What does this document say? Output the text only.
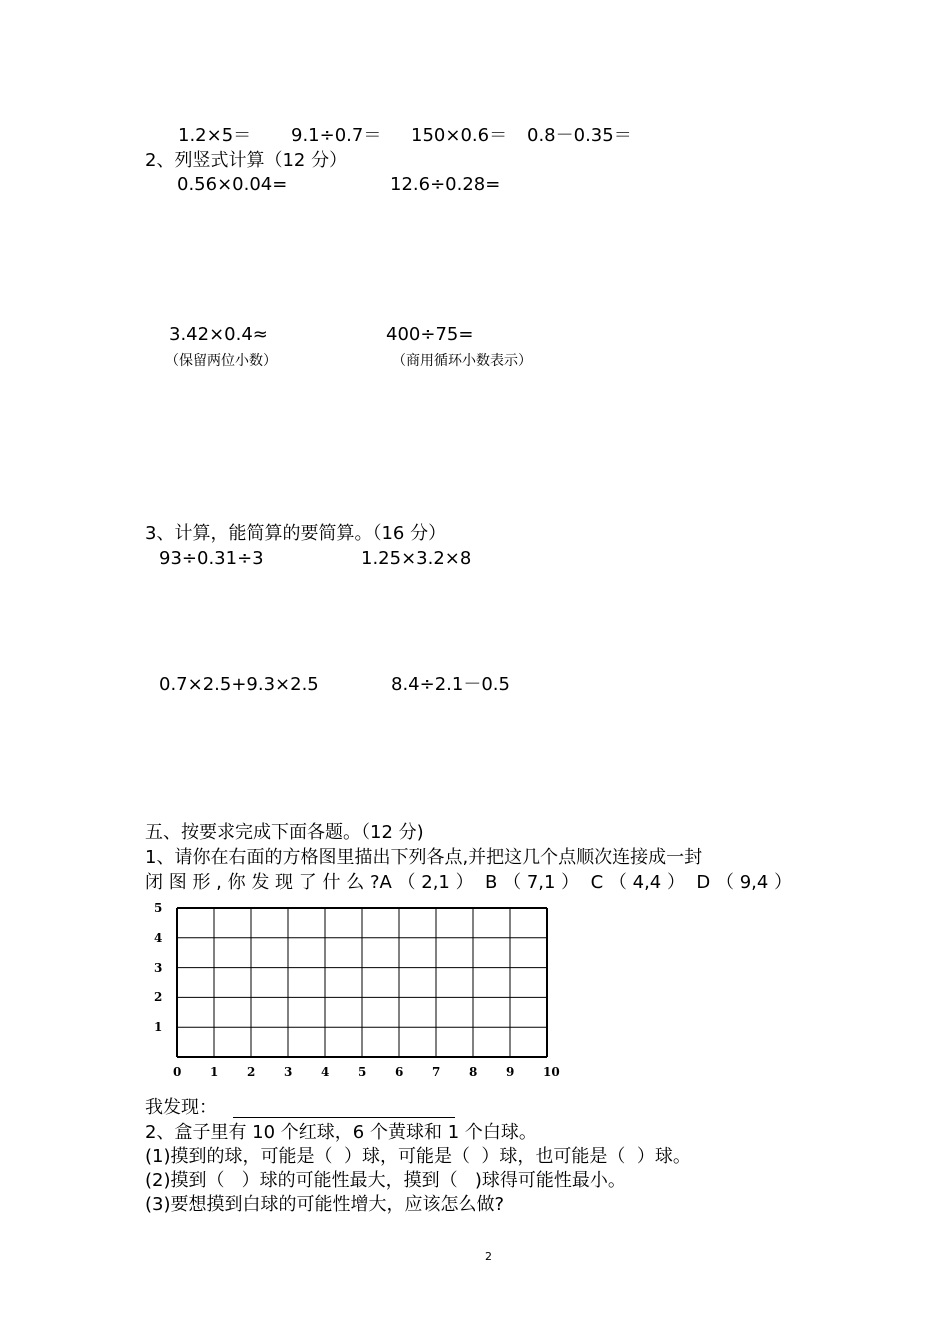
1.2×5＝ 9.1÷0.7＝ 150×0.6＝ 0.8－0.35＝
2、列竖式计算（12 分）
0.56×0.04=	12.6÷0.28=
3.42×0.4≈	400÷75=
（保留两位小数）	（商用循环小数表示）
3、计算，能简算的要简算。（16 分）
93÷0.31÷3	1.25×3.2×8
0.7×2.5+9.3×2.5	8.4÷2.1－0.5
五、按要求完成下面各题。（12 分)
1、请你在右面的方格图里描出下列各点,并把这几个点顺次连接成一封
闭 图 形 , 你 发 现 了 什 么 ?A （ 2,1 ）  B （ 7,1 ）  C （ 4,4 ）  D （ 9,4 ）
0 1 2 3 4 5 6 7 8 9 10
1
2
3
4
5
我发现：
2、盒子里有 10 个红球，6 个黄球和 1 个白球。
(1)摸到的球，可能是（  ）球，可能是（  ）球，也可能是（  ）球。
(2)摸到（   ）球的可能性最大，摸到（   )球得可能性最小。
(3)要想摸到白球的可能性增大，应该怎么做?
2
